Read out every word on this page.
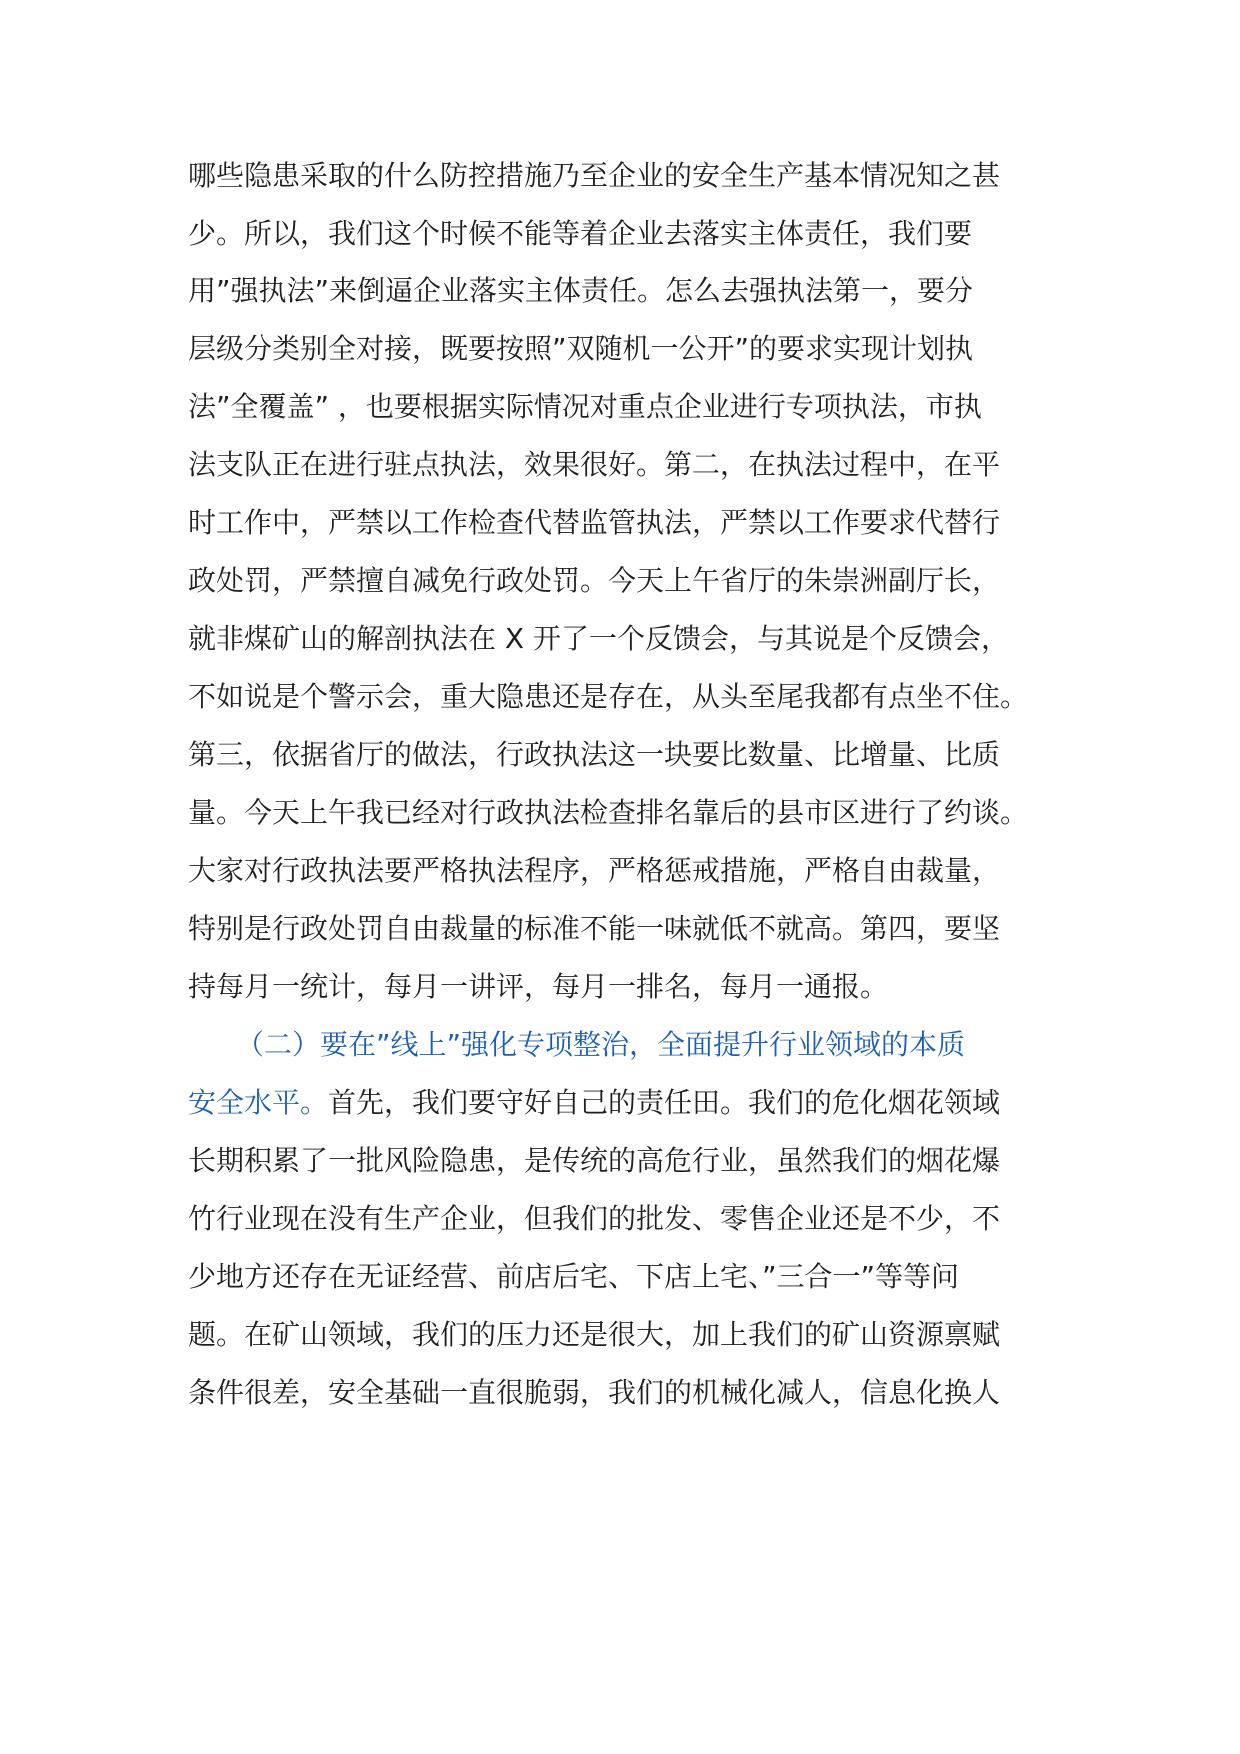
哪些隐患采取的什么防控措施乃至企业的安全生产基本情况知之甚
少。所以，我们这个时候不能等着企业去落实主体责任，我们要
用”强执法”来倒逼企业落实主体责任。怎么去强执法第一，要分
层级分类别全对接，既要按照”双随机一公开”的要求实现计划执
法”全覆盖” ，也要根据实际情况对重点企业进行专项执法，市执
法支队正在进行驻点执法，效果很好。第二，在执法过程中，在平
时工作中，严禁以工作检查代替监管执法，严禁以工作要求代替行
政处罚，严禁擅自减免行政处罚。今天上午省厅的朱崇洲副厅长，
就非煤矿山的解剖执法在 X 开了一个反馈会，与其说是个反馈会，
不如说是个警示会，重大隐患还是存在，从头至尾我都有点坐不住。
第三，依据省厅的做法，行政执法这一块要比数量、比增量、比质
量。今天上午我已经对行政执法检查排名靠后的县市区进行了约谈。
大家对行政执法要严格执法程序，严格惩戒措施，严格自由裁量，
特别是行政处罚自由裁量的标准不能一味就低不就高。第四，要坚
持每月一统计，每月一讲评，每月一排名，每月一通报。
（二）要在”线上”强化专项整治，全面提升行业领域的本质
安全水平。首先，我们要守好自己的责任田。我们的危化烟花领域
长期积累了一批风险隐患，是传统的高危行业，虽然我们的烟花爆
竹行业现在没有生产企业，但我们的批发、零售企业还是不少，不
少地方还存在无证经营、前店后宅、下店上宅、”三合一”等等问
题。在矿山领域，我们的压力还是很大，加上我们的矿山资源禀赋
条件很差，安全基础一直很脆弱，我们的机械化减人，信息化换人
